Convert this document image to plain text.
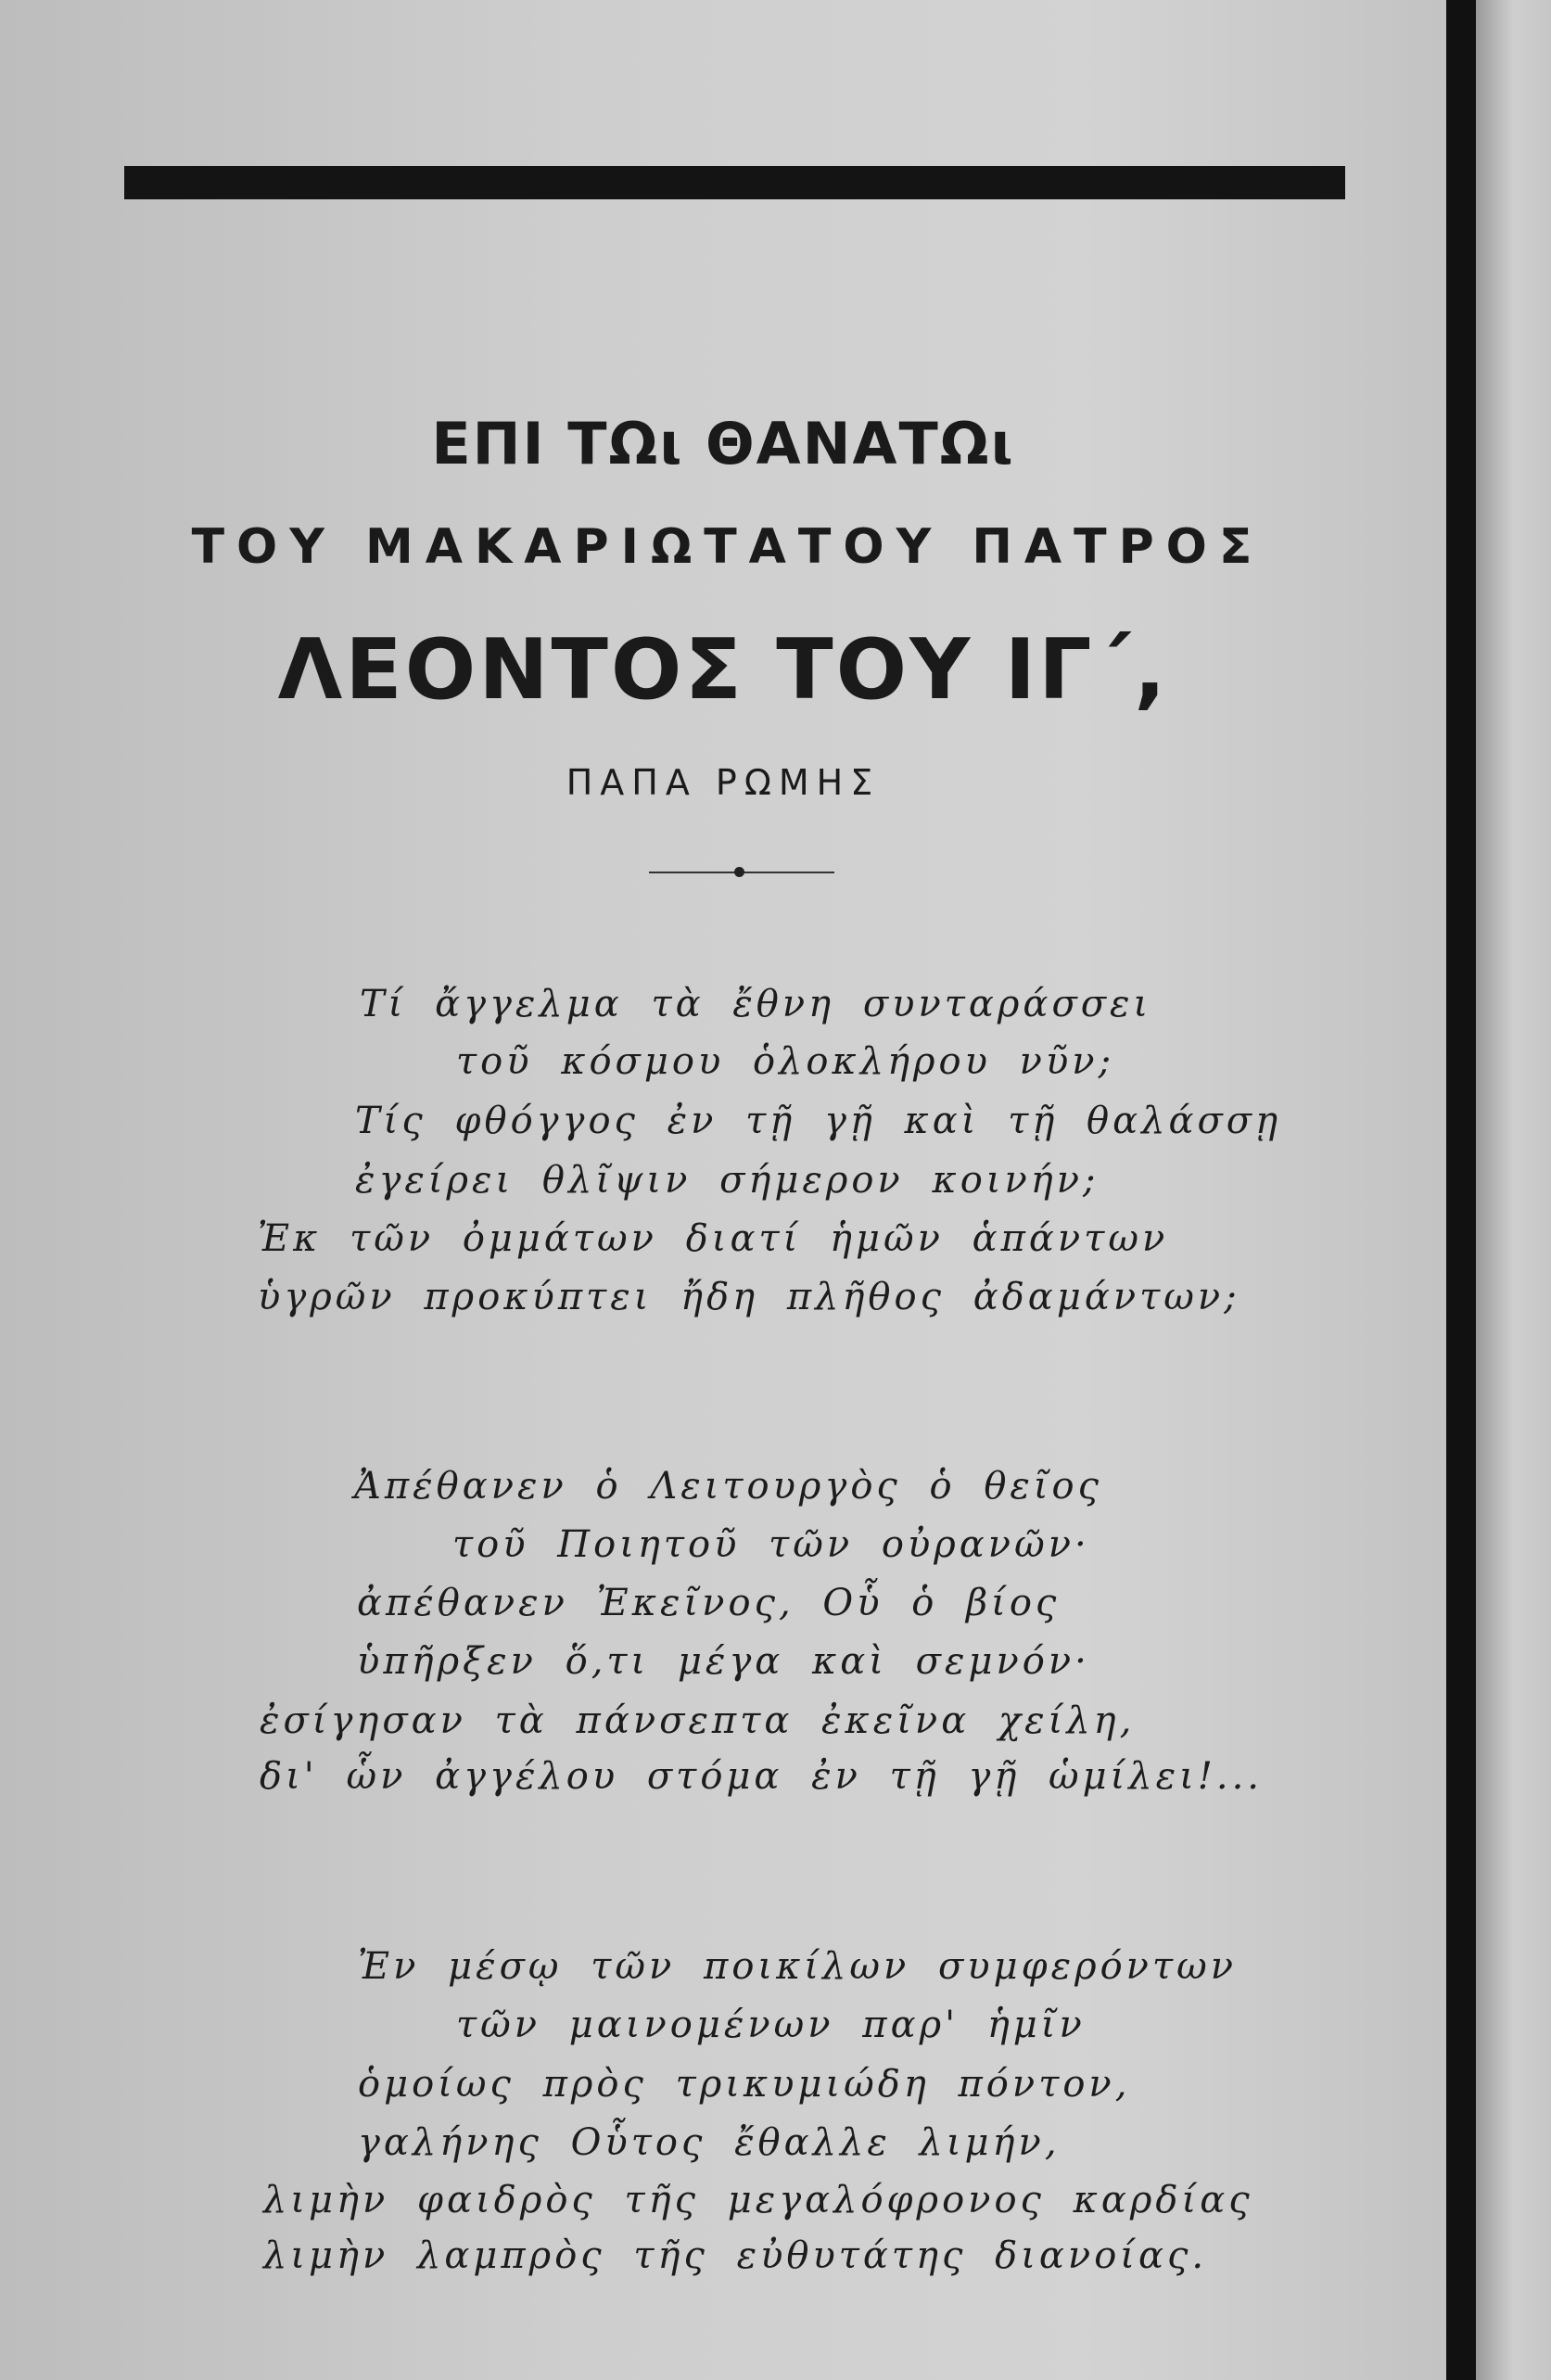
ΕΠΙ ΤΩι ΘΑΝΑΤΩι
ΤΟΥ ΜΑΚΑΡΙΩΤΑΤΟΥ ΠΑΤΡΟΣ
ΛΕΟΝΤΟΣ ΤΟΥ ΙΓ΄,
ΠΑΠΑ ΡΩΜΗΣ
Τί ἄγγελμα τὰ ἔθνη συνταράσσει
τοῦ κόσμου ὁλοκλήρου νῦν;
Τίς φθόγγος ἐν τῇ γῇ καὶ τῇ θαλάσσῃ
ἐγείρει θλῖψιν σήμερον κοινήν;
Ἐκ τῶν ὀμμάτων διατί ἡμῶν ἁπάντων
ὑγρῶν προκύπτει ἤδη πλῆθος ἀδαμάντων;
Ἀπέθανεν ὁ Λειτουργὸς ὁ θεῖος
τοῦ Ποιητοῦ τῶν οὐρανῶν·
ἀπέθανεν Ἐκεῖνος, Οὗ ὁ βίος
ὑπῆρξεν ὅ,τι μέγα καὶ σεμνόν·
ἐσίγησαν τὰ πάνσεπτα ἐκεῖνα χείλη,
δι' ὧν ἀγγέλου στόμα ἐν τῇ γῇ ὡμίλει!...
Ἐν μέσῳ τῶν ποικίλων συμφερόντων
τῶν μαινομένων παρ' ἡμῖν
ὁμοίως πρὸς τρικυμιώδη πόντον,
γαλήνης Οὗτος ἔθαλλε λιμήν,
λιμὴν φαιδρὸς τῆς μεγαλόφρονος καρδίας
λιμὴν λαμπρὸς τῆς εὐθυτάτης διανοίας.
